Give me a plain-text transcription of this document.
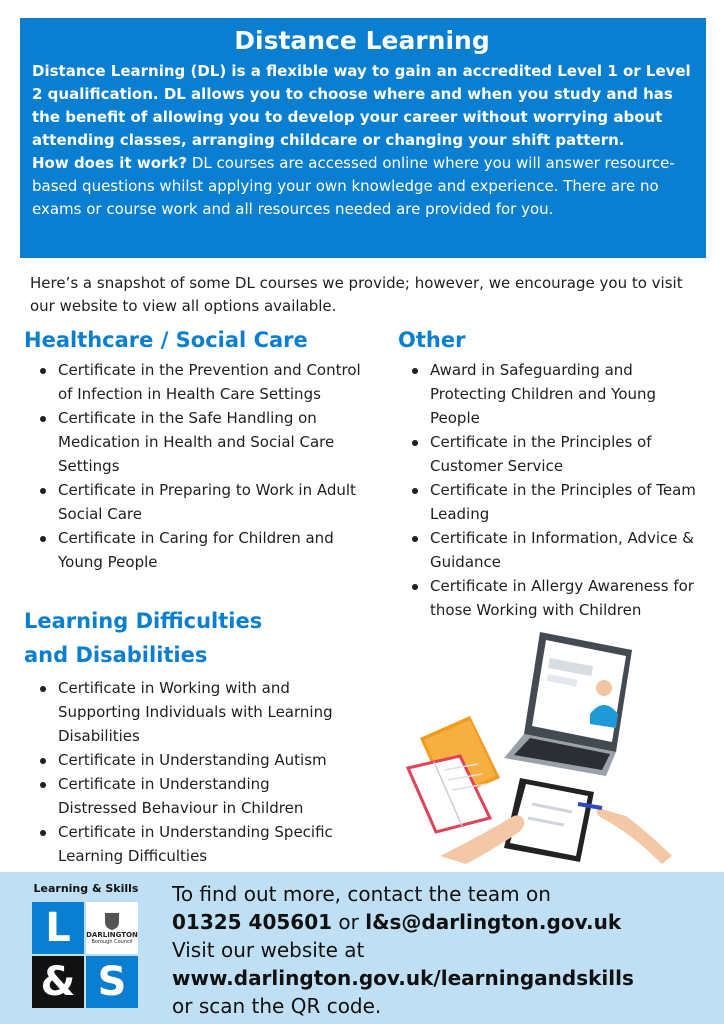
Distance Learning

Distance Learning (DL) is a flexible way to gain an accredited Level 1 or Level 2 qualification. DL allows you to choose where and when you study and has the benefit of allowing you to develop your career without worrying about attending classes, arranging childcare or changing your shift pattern.

How does it work? DL courses are accessed online where you will answer resource-based questions whilst applying your own knowledge and experience. There are no exams or course work and all resources needed are provided for you.

Here’s a snapshot of some DL courses we provide; however, we encourage you to visit our website to view all options available.

Healthcare / Social Care
Certificate in the Prevention and Control of Infection in Health Care Settings
Certificate in the Safe Handling on Medication in Health and Social Care Settings
Certificate in Preparing to Work in Adult Social Care
Certificate in Caring for Children and Young People
Other
Award in Safeguarding and Protecting Children and Young People
Certificate in the Principles of Customer Service
Certificate in the Principles of Team Leading
Certificate in Information, Advice & Guidance
Certificate in Allergy Awareness for those Working with Children
Learning Difficulties
and Disabilities
Certificate in Working with and Supporting Individuals with Learning Disabilities
Certificate in Understanding Autism
Certificate in Understanding Distressed Behaviour in Children
Certificate in Understanding Specific Learning Difficulties
Learning & Skills
L	DARLINGTON
Borough Council
& S

To find out more, contact the team on

01325 405601 or l&s@darlington.gov.uk

Visit our website at

www.darlington.gov.uk/learningandskills

or scan the QR code.
